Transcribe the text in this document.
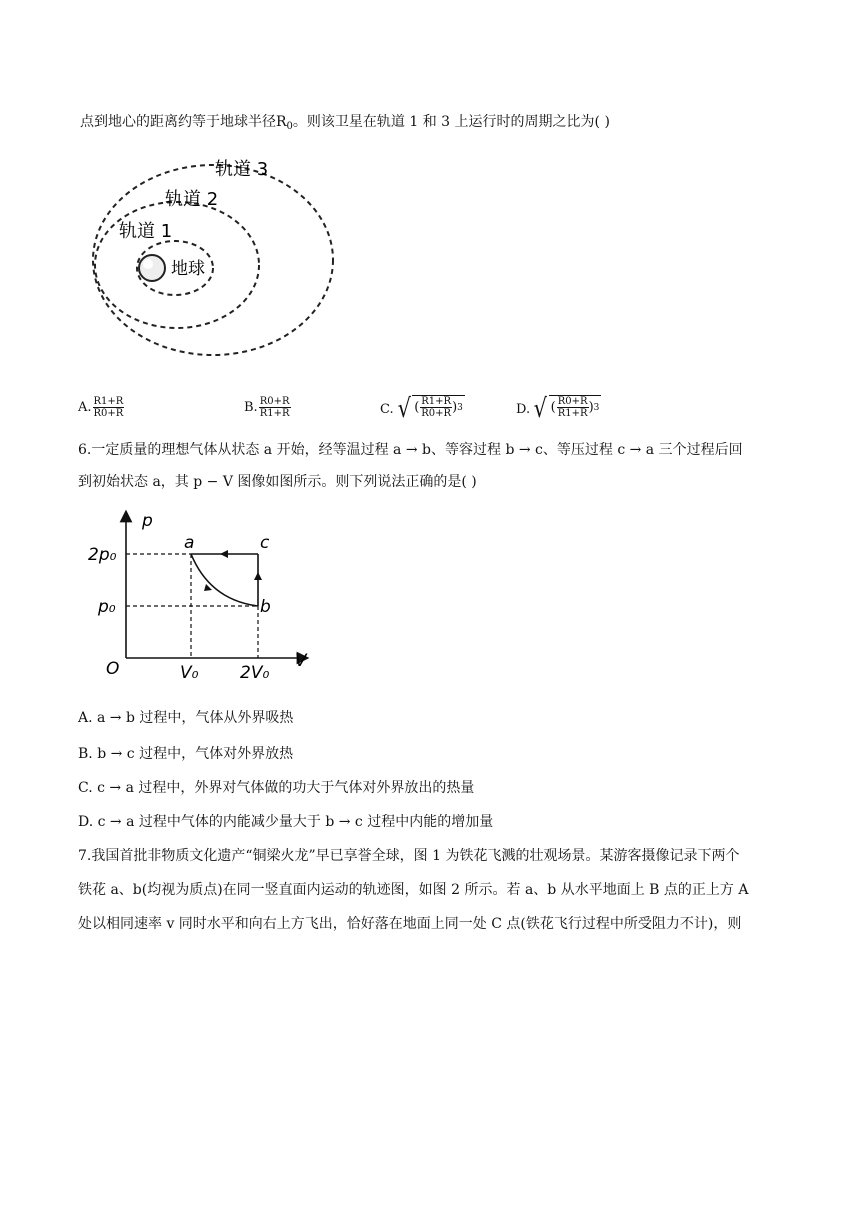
点到地心的距离约等于地球半径$R_0$。则该卫星在轨道 1 和 3 上运行时的周期之比为( )
轨道 3
轨道 2
轨道 1
地球
A. $\frac{R1+R}{R0+R}$	B. $\frac{R0+R}{R1+R}$	C. √ ( $\frac{R1+R}{R0+R}$ ) 3	D. √ ( $\frac{R0+R}{R1+R}$ ) 3
6.一定质量的理想气体从状态 a 开始，经等温过程 a → b、等容过程 b → c、等压过程 c → a 三个过程后回
到初始状态 a，其 p − V 图像如图所示。则下列说法正确的是( )
p
V
O
2p₀
p₀
V₀ 2V₀
a	c
b
A. a → b 过程中，气体从外界吸热
B. b → c 过程中，气体对外界放热
C. c → a 过程中，外界对气体做的功大于气体对外界放出的热量
D. c → a 过程中气体的内能减少量大于 b → c 过程中内能的增加量
7.我国首批非物质文化遗产“铜梁火龙”早已享誉全球，图 1 为铁花飞溅的壮观场景。某游客摄像记录下两个
铁花 a、b(均视为质点)在同一竖直面内运动的轨迹图，如图 2 所示。若 a、b 从水平地面上 B 点的正上方 A
处以相同速率 v 同时水平和向右上方飞出，恰好落在地面上同一处 C 点(铁花飞行过程中所受阻力不计)，则
